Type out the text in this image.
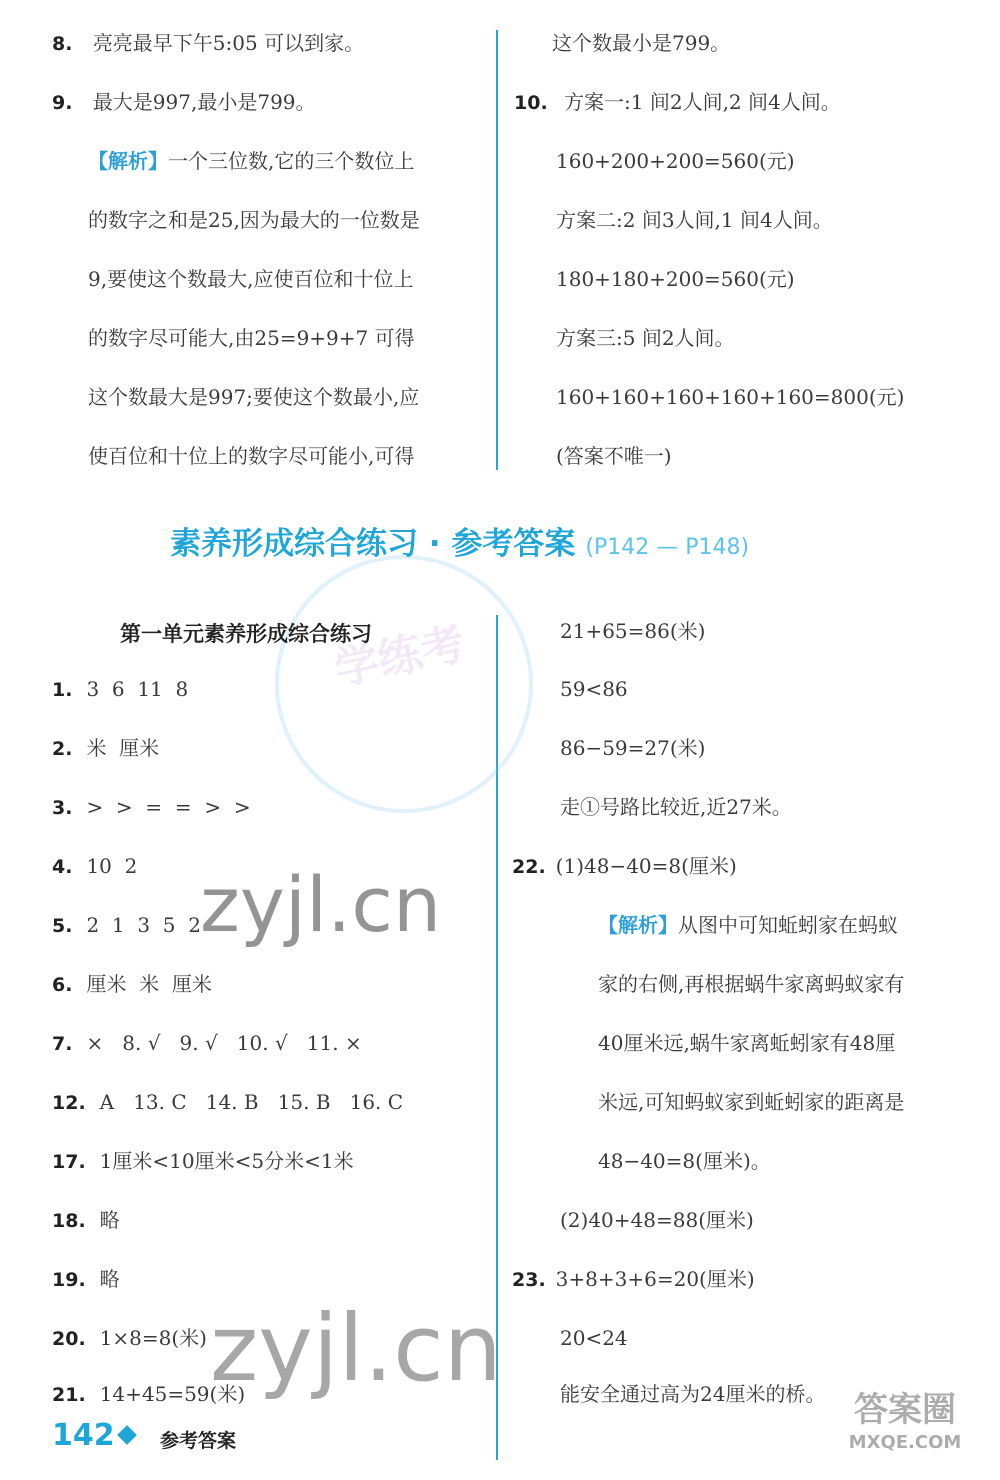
学练考
8. 亮亮最早下午5:05 可以到家。
9. 最大是997,最小是799。
【解析】一个三位数,它的三个数位上
的数字之和是25,因为最大的一位数是
9,要使这个数最大,应使百位和十位上
的数字尽可能大,由25=9+9+7 可得
这个数最大是997;要使这个数最小,应
使百位和十位上的数字尽可能小,可得
这个数最小是799。
10. 方案一:1 间2人间,2 间4人间。
160+200+200=560(元)
方案二:2 间3人间,1 间4人间。
180+180+200=560(元)
方案三:5 间2人间。
160+160+160+160+160=800(元)
(答案不唯一)
素养形成综合练习 · 参考答案 (P142 — P148)
第一单元素养形成综合练习
1. 3  6  11  8
2. 米  厘米
3. >  >  =  =  >  >
4. 10  2
5. 2  1  3  5  2
6. 厘米  米  厘米
7. ×   8. √   9. √   10. √   11. ×
12. A   13. C   14. B   15. B   16. C
17. 1厘米<10厘米<5分米<1米
18. 略
19. 略
20. 1×8=8(米)
21. 14+45=59(米)
21+65=86(米)
59<86
86−59=27(米)
走①号路比较近,近27米。
22. (1)48−40=8(厘米)
【解析】从图中可知蚯蚓家在蚂蚁
家的右侧,再根据蜗牛家离蚂蚁家有
40厘米远,蜗牛家离蚯蚓家有48厘
米远,可知蚂蚁家到蚯蚓家的距离是
48−40=8(厘米)。
(2)40+48=88(厘米)
23. 3+8+3+6=20(厘米)
20<24
能安全通过高为24厘米的桥。
zyjl.cn
zyjl.cn
142 参考答案
答案圈
MXQE.COM
